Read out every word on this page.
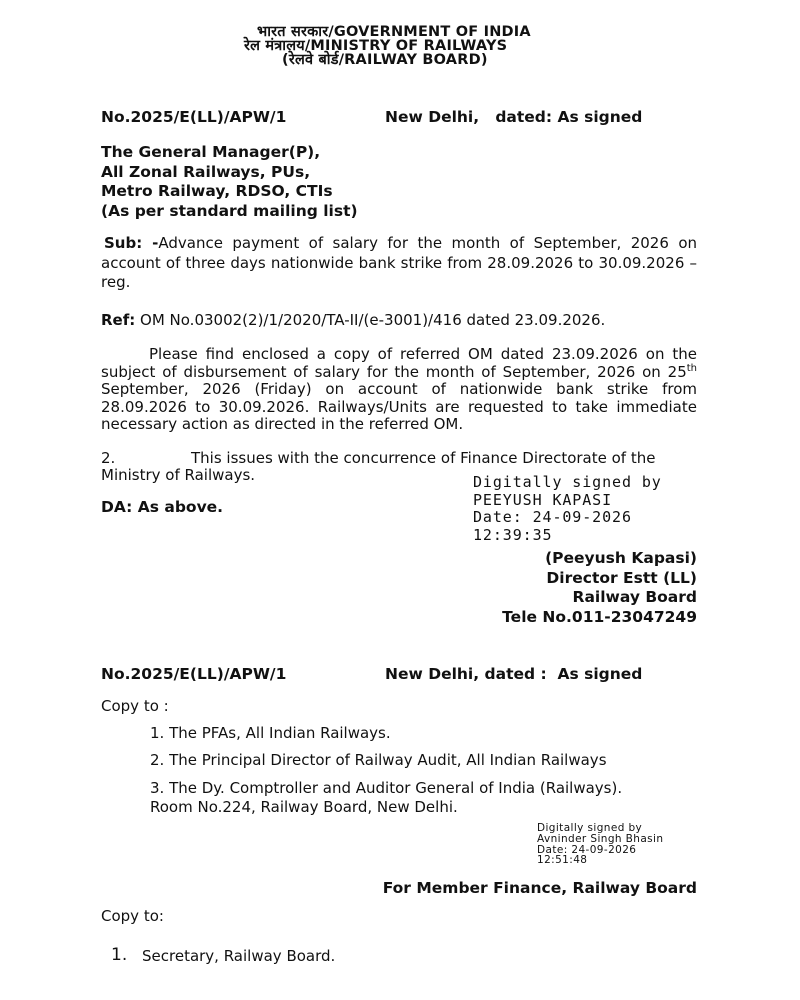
भारत सरकार/GOVERNMENT OF INDIA
रेल मंत्रालय/MINISTRY OF RAILWAYS
(रेलवे बोर्ड/RAILWAY BOARD)
No.2025/E(LL)/APW/1	New Delhi,   dated: As signed
The General Manager(P),
All Zonal Railways, PUs,
Metro Railway, RDSO, CTIs
(As per standard mailing list)
Sub: -Advance payment of salary for the month of September, 2026 on account of three days nationwide bank strike from 28.09.2026 to 30.09.2026 – reg.
Ref: OM No.03002(2)/1/2020/TA-II/(e-3001)/416 dated 23.09.2026.
Please find enclosed a copy of referred OM dated 23.09.2026 on the subject of disbursement of salary for the month of September, 2026 on 25th September, 2026 (Friday) on account of nationwide bank strike from 28.09.2026 to 30.09.2026. Railways/Units are requested to take immediate necessary action as directed in the referred OM.
2.	This issues with the concurrence of Finance Directorate of the
Ministry of Railways.
DA: As above.
Digitally signed by
PEEYUSH KAPASI
Date: 24-09-2026
12:39:35
(Peeyush Kapasi)
Director Estt (LL)
Railway Board
Tele No.011-23047249
No.2025/E(LL)/APW/1	New Delhi, dated :  As signed
Copy to :
1. The PFAs, All Indian Railways.
2. The Principal Director of Railway Audit, All Indian Railways
3. The Dy. Comptroller and Auditor General of India (Railways).
Room No.224, Railway Board, New Delhi.
Digitally signed by
Avninder Singh Bhasin
Date: 24-09-2026
12:51:48
For Member Finance, Railway Board
Copy to:
1. Secretary, Railway Board.
